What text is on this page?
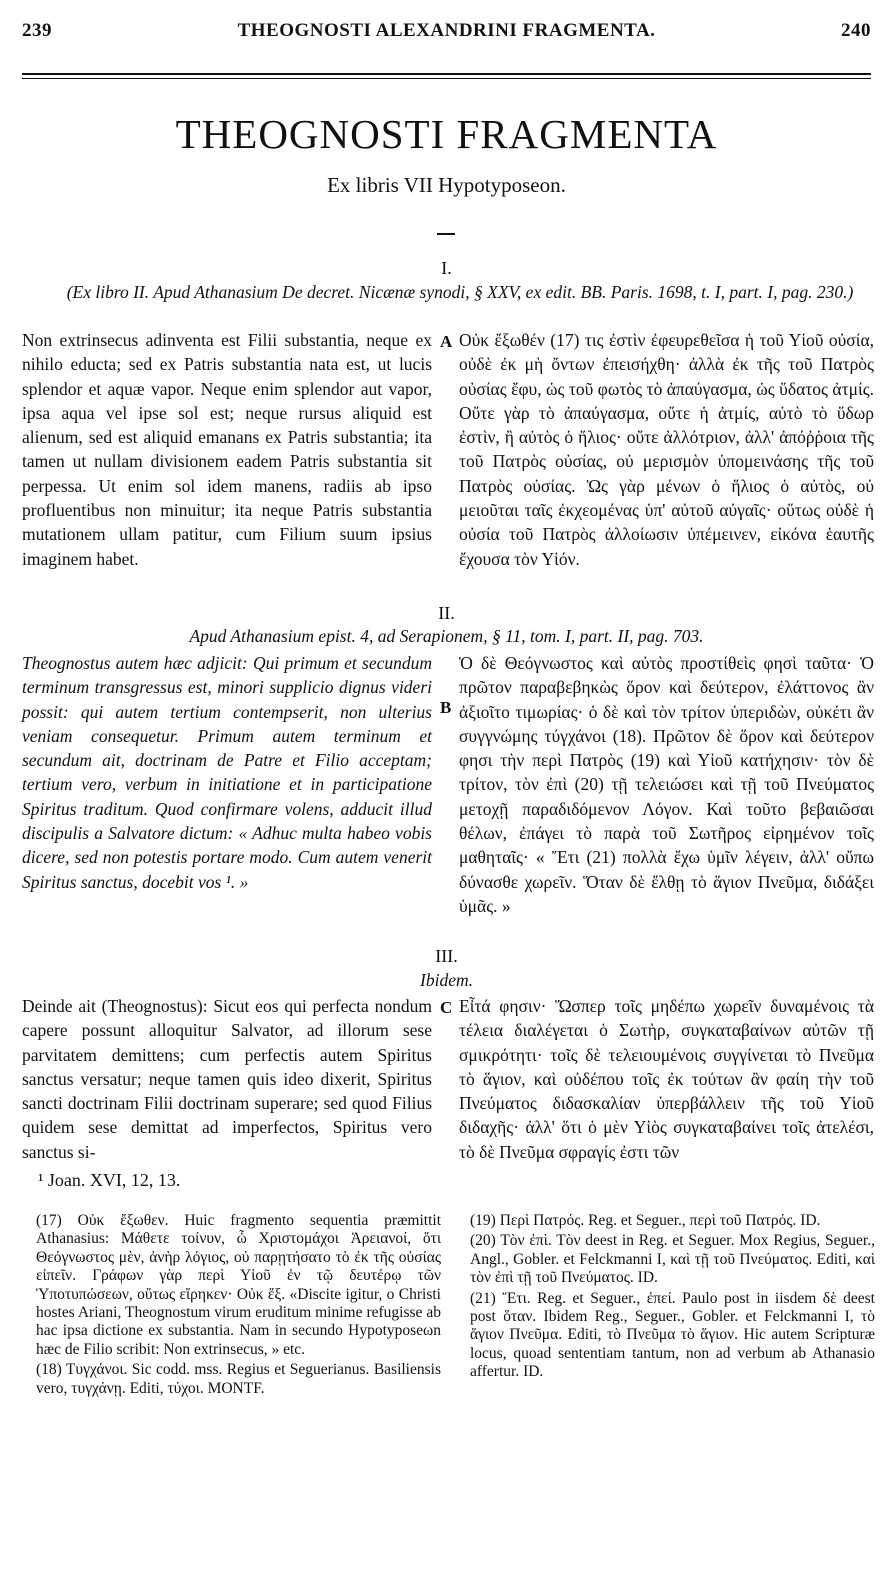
239	THEOGNOSTI ALEXANDRINI FRAGMENTA.	240
THEOGNOSTI FRAGMENTA
Ex libris VII Hypotyposeon.
I.
(Ex libro II. Apud Athanasium De decret. Nicænæ synodi, § XXV, ex edit. BB. Paris. 1698, t. I, part. I, pag. 230.)
A

Non extrinsecus adinventa est Filii substantia, neque ex nihilo educta; sed ex Patris substantia nata est, ut lucis splendor et aquæ vapor. Neque enim splendor aut vapor, ipsa aqua vel ipse sol est; neque rursus aliquid est alienum, sed est aliquid emanans ex Patris substantia; ita tamen ut nullam divisionem eadem Patris substantia sit perpessa. Ut enim sol idem manens, radiis ab ipso profluentibus non minuitur; ita neque Patris substantia mutationem ullam patitur, cum Filium suum ipsius imaginem habet.

Οὐκ ἔξωθέν (17) τις ἐστὶν ἐφευρεθεῖσα ἡ τοῦ Υἱοῦ οὐσία, οὐδὲ ἐκ μὴ ὄντων ἐπεισήχθη· ἀλλὰ ἐκ τῆς τοῦ Πατρὸς οὐσίας ἔφυ, ὡς τοῦ φωτὸς τὸ ἀπαύγασμα, ὡς ὕδατος ἀτμίς. Οὔτε γὰρ τὸ ἀπαύγασμα, οὔτε ἡ ἀτμίς, αὐτὸ τὸ ὕδωρ ἐστὶν, ἢ αὐτὸς ὁ ἥλιος· οὔτε ἀλλότριον, ἀλλ' ἀπόῤῥοια τῆς τοῦ Πατρὸς οὐσίας, οὐ μερισμὸν ὑπομεινάσης τῆς τοῦ Πατρὸς οὐσίας. Ὡς γὰρ μένων ὁ ἥλιος ὁ αὐτὸς, οὐ μειοῦται ταῖς ἐκχεομένας ὑπ' αὐτοῦ αὐγαῖς· οὕτως οὐδὲ ἡ οὐσία τοῦ Πατρὸς ἀλλοίωσιν ὑπέμεινεν, εἰκόνα ἑαυτῆς ἔχουσα τὸν Υἱόν.

II.
Apud Athanasium epist. 4, ad Serapionem, § 11, tom. I, part. II, pag. 703.
B

Theognostus autem hæc adjicit: Qui primum et secundum terminum transgressus est, minori supplicio dignus videri possit: qui autem tertium contempserit, non ulterius veniam consequetur. Primum autem terminum et secundum ait, doctrinam de Patre et Filio acceptam; tertium vero, verbum in initiatione et in participatione Spiritus traditum. Quod confirmare volens, adducit illud discipulis a Salvatore dictum: « Adhuc multa habeo vobis dicere, sed non potestis portare modo. Cum autem venerit Spiritus sanctus, docebit vos ¹. »

Ὁ δὲ Θεόγνωστος καὶ αὐτὸς προστίθεὶς φησὶ ταῦτα· Ὁ πρῶτον παραβεβηκὼς ὅρον καὶ δεύτερον, ἐλάττονος ἂν ἀξιοῖτο τιμωρίας· ὁ δὲ καὶ τὸν τρίτον ὑπεριδὼν, οὐκέτι ἂν συγγνώμης τύγχάνοι (18). Πρῶτον δὲ ὅρον καὶ δεύτερον φησι τὴν περὶ Πατρὸς (19) καὶ Υἱοῦ κατήχησιν· τὸν δὲ τρίτον, τὸν ἐπὶ (20) τῇ τελειώσει καὶ τῇ τοῦ Πνεύματος μετοχῇ παραδιδόμενον Λόγον. Καὶ τοῦτο βεβαιῶσαι θέλων, ἐπάγει τὸ παρὰ τοῦ Σωτῆρος εἰρημένον τοῖς μαθηταῖς· « Ἔτι (21) πολλὰ ἔχω ὑμῖν λέγειν, ἀλλ' οὔπω δύνασθε χωρεῖν. Ὅταν δὲ ἔλθῃ τὸ ἅγιον Πνεῦμα, διδάξει ὑμᾶς. »

III.
Ibidem.
C

Deinde ait (Theognostus): Sicut eos qui perfecta nondum capere possunt alloquitur Salvator, ad illorum sese parvitatem demittens; cum perfectis autem Spiritus sanctus versatur; neque tamen quis ideo dixerit, Spiritus sancti doctrinam Filii doctrinam superare; sed quod Filius quidem sese demittat ad imperfectos, Spiritus vero sanctus si-

Εἶτά φησιν· Ὥσπερ τοῖς μηδέπω χωρεῖν δυναμένοις τὰ τέλεια διαλέγεται ὁ Σωτὴρ, συγκαταβαίνων αὐτῶν τῇ σμικρότητι· τοῖς δὲ τελειουμένοις συγγίνεται τὸ Πνεῦμα τὸ ἅγιον, καὶ οὐδέπου τοῖς ἐκ τούτων ἂν φαίη τὴν τοῦ Πνεύματος διδασκαλίαν ὑπερβάλλειν τῆς τοῦ Υἱοῦ διδαχῆς· ἀλλ' ὅτι ὁ μὲν Υἱὸς συγκαταβαίνει τοῖς ἀτελέσι, τὸ δὲ Πνεῦμα σφραγίς ἐστι τῶν

¹ Joan. XVI, 12, 13.

(17) Οὐκ ἔξωθεν. Huic fragmento sequentia præmittit Athanasius: Μάθετε τοίνυν, ὦ Χριστομάχοι Ἀρειανοί, ὅτι Θεόγνωστος μὲν, ἀνὴρ λόγιος, οὐ παρῃτήσατο τὸ ἐκ τῆς οὐσίας εἰπεῖν. Γράφων γὰρ περὶ Υἱοῦ ἐν τῷ δευτέρῳ τῶν Ὑποτυπώσεων, οὕτως εἴρηκεν· Οὐκ ἔξ. «Discite igitur, o Christi hostes Ariani, Theognostum virum eruditum minime refugisse ab hac ipsa dictione ex substantia. Nam in secundo Hypotyposeωn hæc de Filio scribit: Non extrinsecus, » etc.

(18) Τυγχάνοι. Sic codd. mss. Regius et Seguerianus. Basiliensis vero, τυγχάνῃ. Editi, τύχοι. MONTF.

(19) Περὶ Πατρός. Reg. et Seguer., περὶ τοῦ Πατρός. ID.

(20) Τὸν ἐπὶ. Τὸν deest in Reg. et Seguer. Mox Regius, Seguer., Angl., Gobler. et Felckmanni I, καὶ τῇ τοῦ Πνεύματος. Editi, καὶ τὸν ἐπὶ τῇ τοῦ Πνεύματος. ID.

(21) Ἔτι. Reg. et Seguer., ἐπεί. Paulo post in iisdem δὲ deest post ὅταν. Ibidem Reg., Seguer., Gobler. et Felckmanni I, τὸ ἅγιον Πνεῦμα. Editi, τὸ Πνεῦμα τὸ ἅγιον. Hic autem Scripturæ locus, quoad sententiam tantum, non ad verbum ab Athanasio affertur. ID.
